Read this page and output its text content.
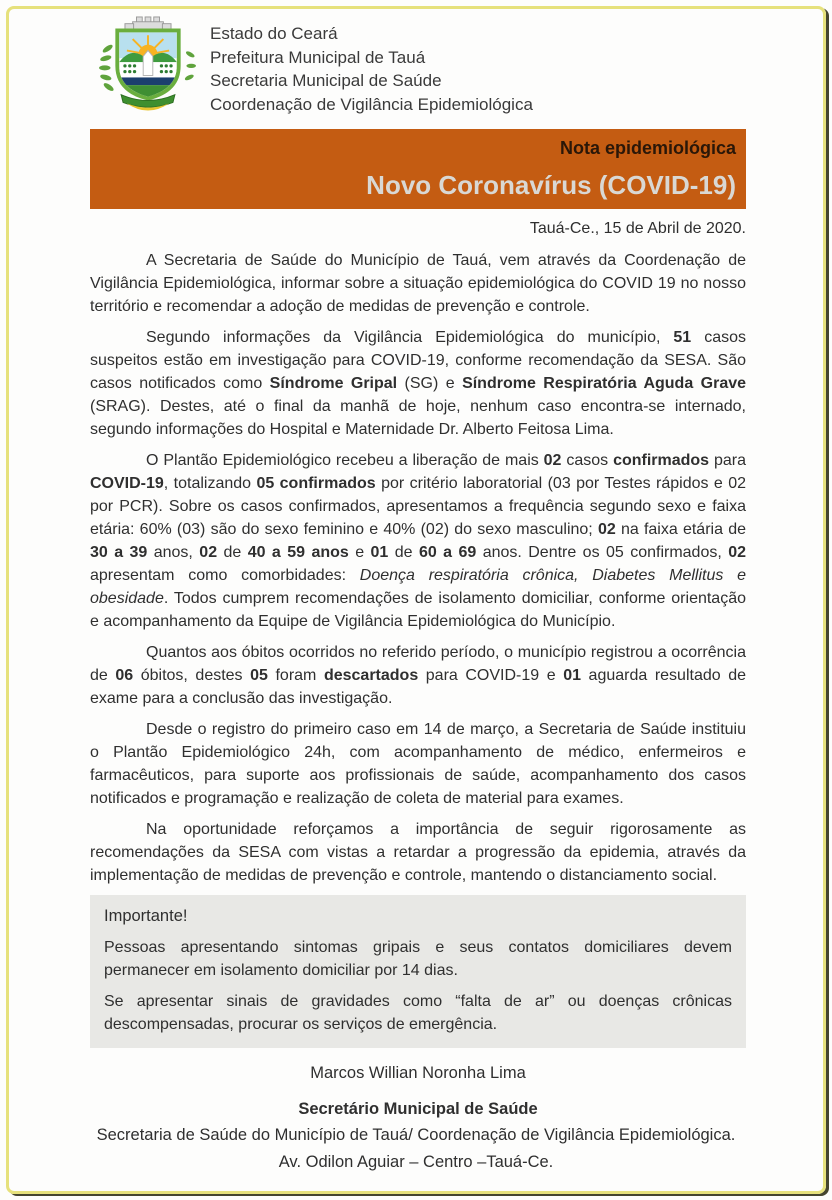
Estado do Ceará
Prefeitura Municipal de Tauá
Secretaria Municipal de Saúde
Coordenação de Vigilância Epidemiológica
Nota epidemiológica
Novo Coronavírus (COVID-19)
Tauá-Ce., 15 de Abril de 2020.

A Secretaria de Saúde do Município de Tauá, vem através da Coordenação de Vigilância Epidemiológica, informar sobre a situação epidemiológica do COVID 19 no nosso território e recomendar a adoção de medidas de prevenção e controle.

Segundo informações da Vigilância Epidemiológica do município, 51 casos suspeitos estão em investigação para COVID-19, conforme recomendação da SESA. São casos notificados como Síndrome Gripal (SG) e Síndrome Respiratória Aguda Grave (SRAG). Destes, até o final da manhã de hoje, nenhum caso encontra-se internado, segundo informações do Hospital e Maternidade Dr. Alberto Feitosa Lima.

O Plantão Epidemiológico recebeu a liberação de mais 02 casos confirmados para COVID-19, totalizando 05 confirmados por critério laboratorial (03 por Testes rápidos e 02 por PCR). Sobre os casos confirmados, apresentamos a frequência segundo sexo e faixa etária: 60% (03) são do sexo feminino e 40% (02) do sexo masculino; 02 na faixa etária de 30 a 39 anos, 02 de 40 a 59 anos e 01 de 60 a 69 anos. Dentre os 05 confirmados, 02 apresentam como comorbidades: Doença respiratória crônica, Diabetes Mellitus e obesidade. Todos cumprem recomendações de isolamento domiciliar, conforme orientação e acompanhamento da Equipe de Vigilância Epidemiológica do Município.

Quantos aos óbitos ocorridos no referido período, o município registrou a ocorrência de 06 óbitos, destes 05 foram descartados para COVID-19 e 01 aguarda resultado de exame para a conclusão das investigação.

Desde o registro do primeiro caso em 14 de março, a Secretaria de Saúde instituiu o Plantão Epidemiológico 24h, com acompanhamento de médico, enfermeiros e farmacêuticos, para suporte aos profissionais de saúde, acompanhamento dos casos notificados e programação e realização de coleta de material para exames.

Na oportunidade reforçamos a importância de seguir rigorosamente as recomendações da SESA com vistas a retardar a progressão da epidemia, através da implementação de medidas de prevenção e controle, mantendo o distanciamento social.

Importante!

Pessoas apresentando sintomas gripais e seus contatos domiciliares devem permanecer em isolamento domiciliar por 14 dias.

Se apresentar sinais de gravidades como “falta de ar” ou doenças crônicas descompensadas, procurar os serviços de emergência.

Marcos Willian Noronha Lima
Secretário Municipal de Saúde
Secretaria de Saúde do Município de Tauá/ Coordenação de Vigilância Epidemiológica.
Av. Odilon Aguiar – Centro –Tauá-Ce.
